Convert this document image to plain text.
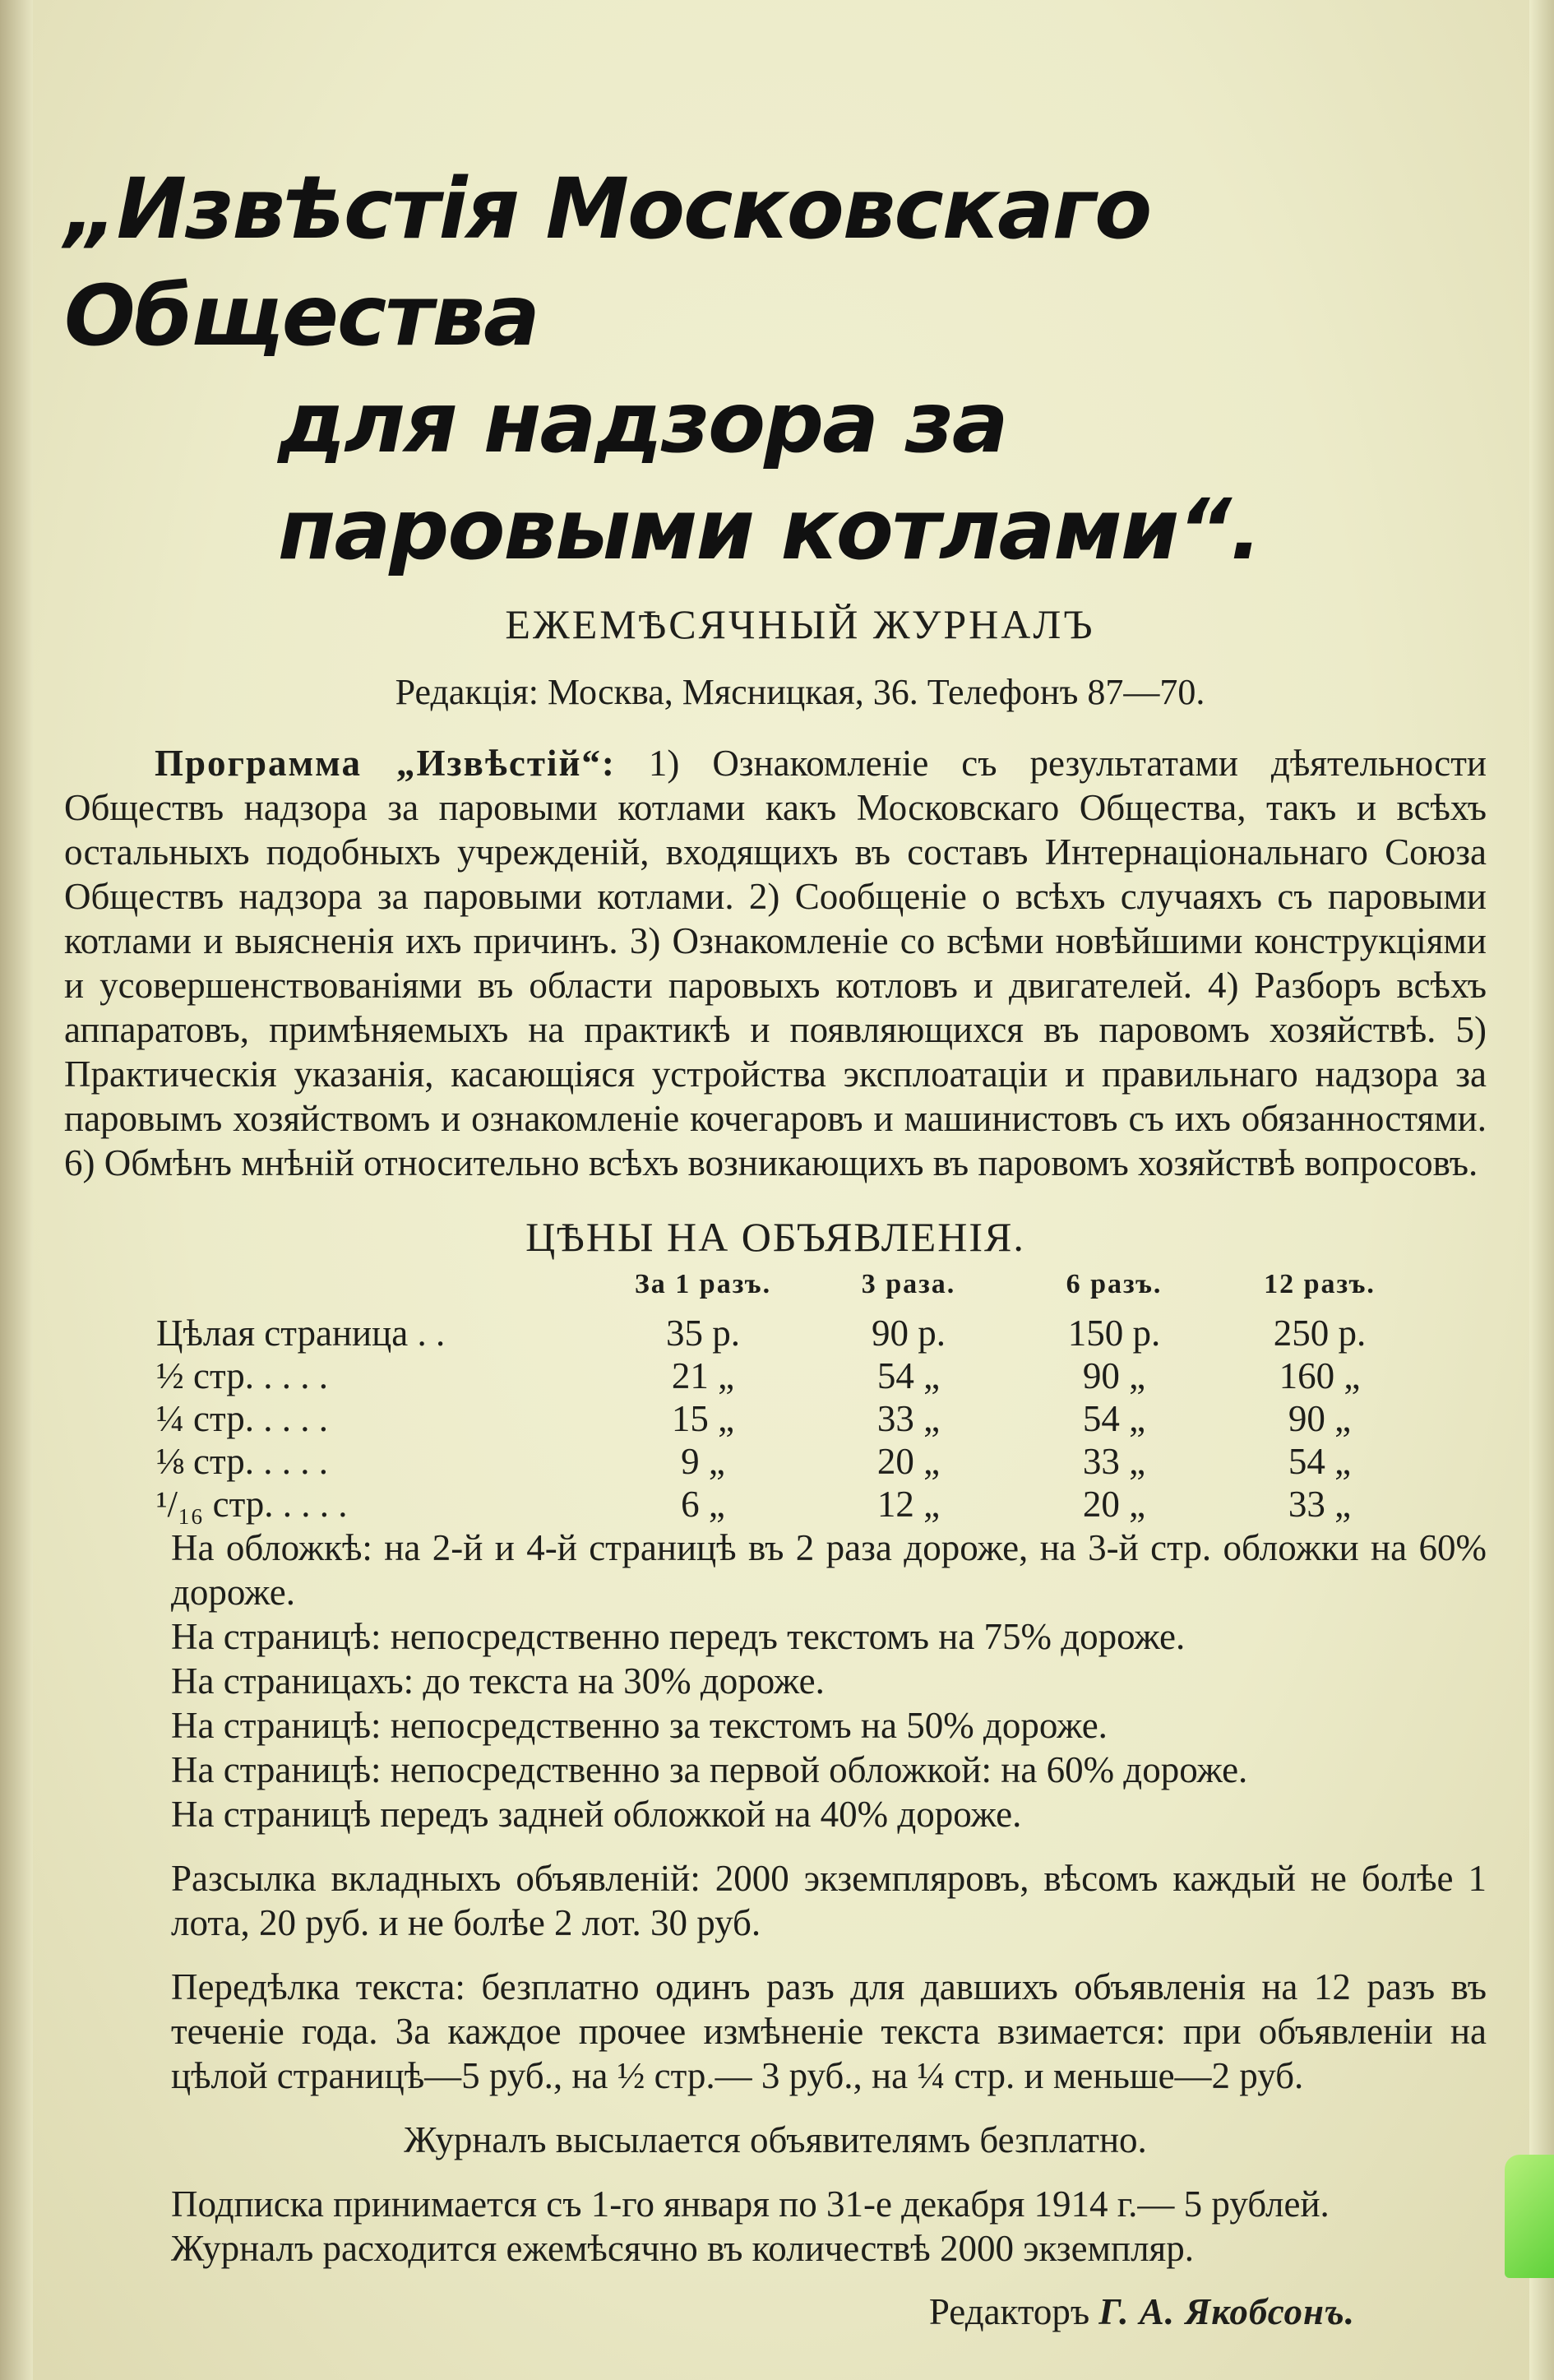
„Извѣстія Московскаго Общества
для надзора за паровыми котлами“.
ЕЖЕМѢСЯЧНЫЙ ЖУРНАЛЪ
Редакція: Москва, Мясницкая, 36. Телефонъ 87—70.
Программа „Извѣстій“: 1) Ознакомленіе съ результатами дѣятельности Обществъ надзора за паровыми котлами какъ Московскаго Общества, такъ и всѣхъ остальныхъ подобныхъ учрежденій, входящихъ въ составъ Интернаціональнаго Союза Обществъ надзора за паровыми котлами. 2) Сообщеніе о всѣхъ случаяхъ съ паровыми котлами и выясненія ихъ причинъ. 3) Ознакомленіе со всѣми новѣйшими конструкціями и усовершенствованіями въ области паровыхъ котловъ и двигателей. 4) Разборъ всѣхъ аппаратовъ, примѣняемыхъ на практикѣ и появляющихся въ паровомъ хозяйствѣ. 5) Практическія указанія, касающіяся устройства эксплоатаціи и правильнаго надзора за паровымъ хозяйствомъ и ознакомленіе кочегаровъ и машинистовъ съ ихъ обязанностями. 6) Обмѣнъ мнѣній относительно всѣхъ возникающихъ въ паровомъ хозяйствѣ вопросовъ.
ЦѢНЫ НА ОБЪЯВЛЕНІЯ.
	За 1 разъ.	3 раза.	6 разъ.	12 разъ.
Цѣлая страница . .	35 р.	90 р.	150 р.	250 р.
½ стр. . . . .	21 „	54 „	90 „	160 „
¼ стр. . . . .	15 „	33 „	54 „	90 „
⅛ стр. . . . .	9 „	20 „	33 „	54 „
¹/₁₆ стр. . . . .	6 „	12 „	20 „	33 „

На обложкѣ: на 2-й и 4-й страницѣ въ 2 раза дороже, на 3-й стр. обложки на 60% дороже.

На страницѣ: непосредственно передъ текстомъ на 75% дороже.

На страницахъ: до текста на 30% дороже.

На страницѣ: непосредственно за текстомъ на 50% дороже.

На страницѣ: непосредственно за первой обложкой: на 60% дороже.

На страницѣ передъ задней обложкой на 40% дороже.

Разсылка вкладныхъ объявленій: 2000 экземпляровъ, вѣсомъ каждый не болѣе 1 лота, 20 руб. и не болѣе 2 лот. 30 руб.

Передѣлка текста: безплатно одинъ разъ для давшихъ объявленія на 12 разъ въ теченіе года. За каждое прочее измѣненіе текста взимается: при объявленіи на цѣлой страницѣ—5 руб., на ½ стр.— 3 руб., на ¼ стр. и меньше—2 руб.

Журналъ высылается объявителямъ безплатно.

Подписка принимается съ 1-го января по 31-е декабря 1914 г.— 5 рублей.

Журналъ расходится ежемѣсячно въ количествѣ 2000 экземпляр.

Редакторъ Г. А. Якобсонъ.
